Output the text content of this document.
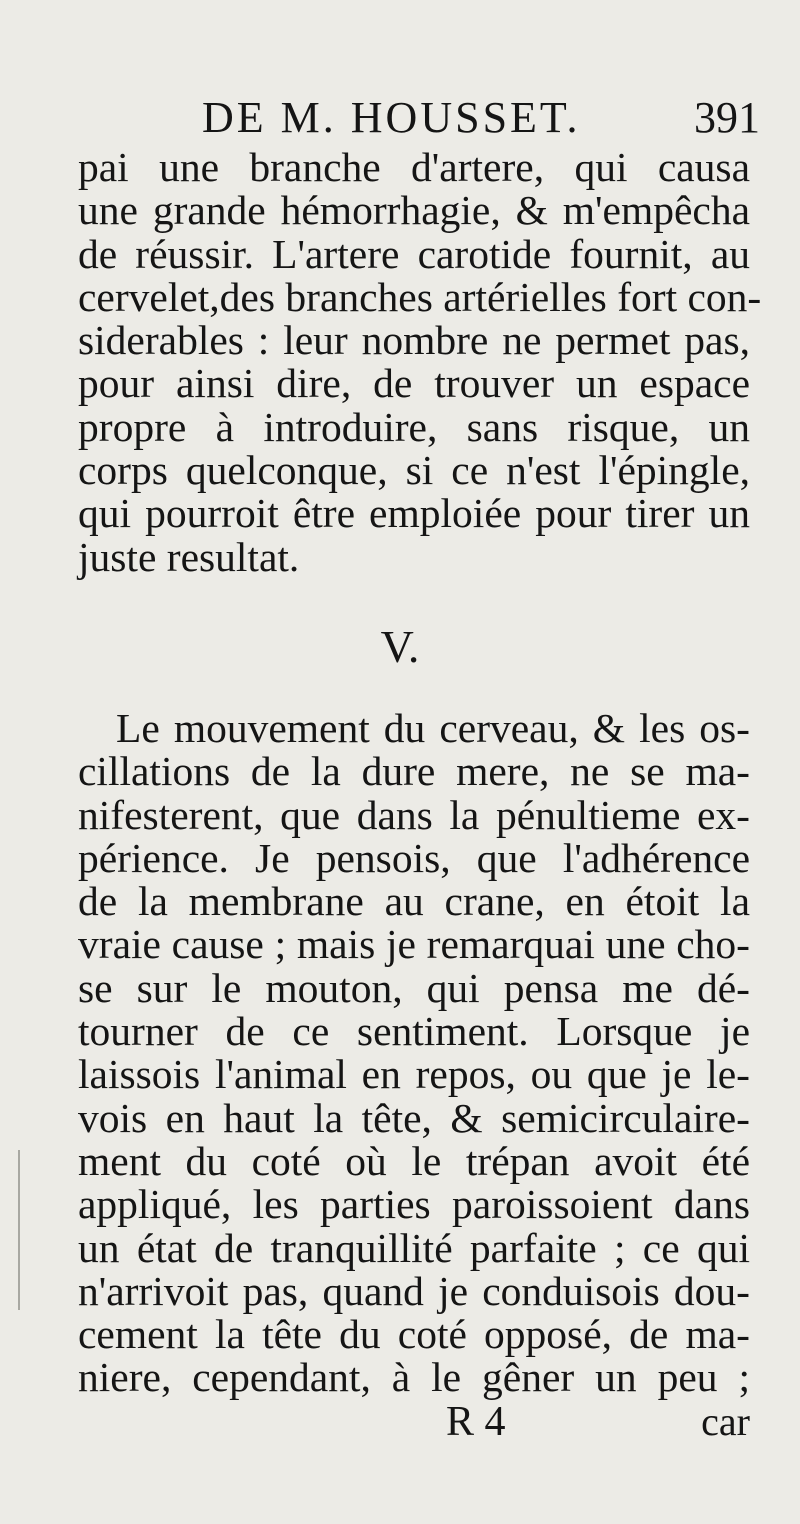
DE M. HOUSSET.	391

pai une branche d'artere, qui causa
une grande hémorrhagie, & m'empêcha
de réussir. L'artere carotide fournit, au
cervelet,des branches artérielles fort con-
siderables : leur nombre ne permet pas,
pour ainsi dire, de trouver un espace
propre à introduire, sans risque, un
corps quelconque, si ce n'est l'épingle,
qui pourroit être emploiée pour tirer un
juste resultat.

V.

Le mouvement du cerveau, & les os-
cillations de la dure mere, ne se ma-
nifesterent, que dans la pénultieme ex-
périence. Je pensois, que l'adhérence
de la membrane au crane, en étoit la
vraie cause ; mais je remarquai une cho-
se sur le mouton, qui pensa me dé-
tourner de ce sentiment. Lorsque je
laissois l'animal en repos, ou que je le-
vois en haut la tête, & semicirculaire-
ment du coté où le trépan avoit été
appliqué, les parties paroissoient dans
un état de tranquillité parfaite ; ce qui
n'arrivoit pas, quand je conduisois dou-
cement la tête du coté opposé, de ma-
niere, cependant, à le gêner un peu ;

R 4	car
